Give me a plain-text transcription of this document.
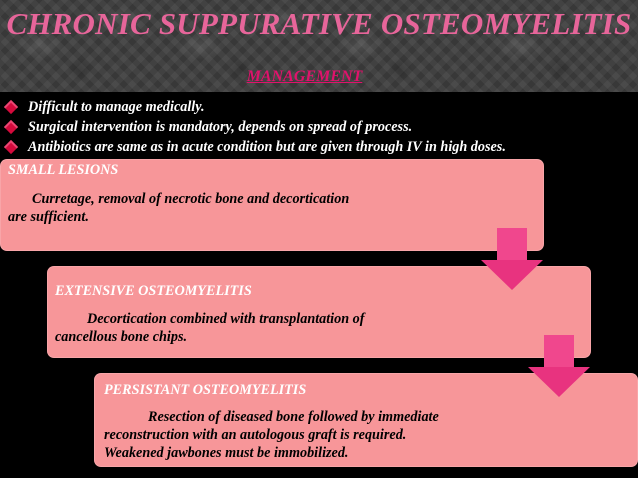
CHRONIC SUPPURATIVE OSTEOMYELITIS
MANAGEMENT
Difficult to manage medically.
Surgical intervention is mandatory, depends on spread of process.
Antibiotics are same as in acute condition but are given through IV in high doses.
SMALL LESIONS
Curretage, removal of necrotic bone and decortication
are sufficient.
EXTENSIVE OSTEOMYELITIS
Decortication combined with transplantation of
cancellous bone chips.
PERSISTANT OSTEOMYELITIS
Resection of diseased bone followed by immediate
reconstruction with an autologous graft is required.
Weakened jawbones must be immobilized.
